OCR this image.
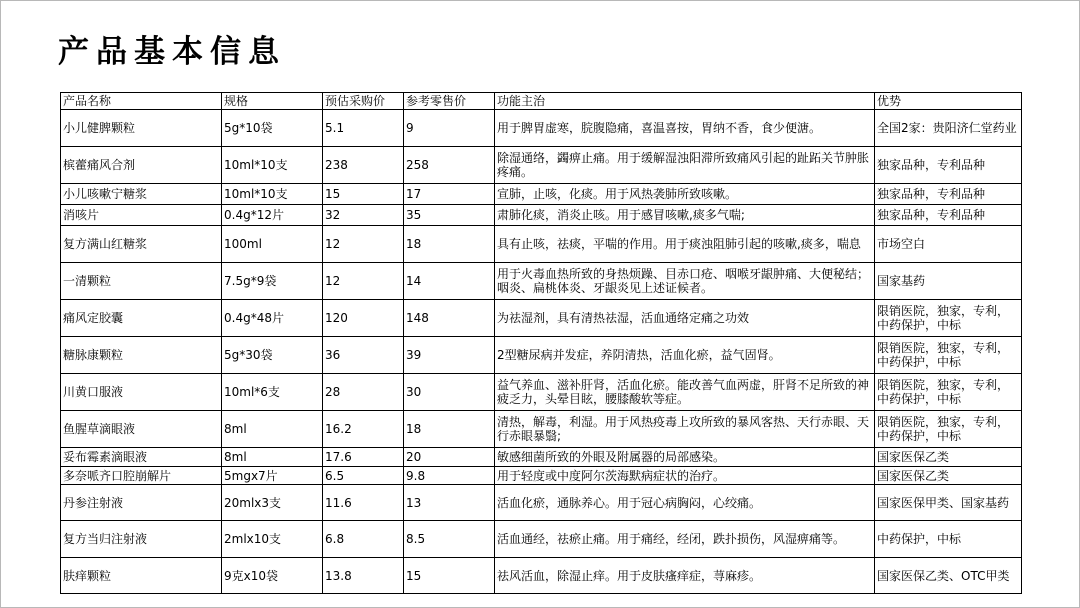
产品基本信息
产品名称	规格	预估采购价	参考零售价	功能主治	优势
小儿健脾颗粒	5g*10袋	5.1	9	用于脾胃虚寒，脘腹隐痛，喜温喜按，胃纳不香，食少便溏。	全国2家：贵阳济仁堂药业
槟藿痛风合剂	10ml*10支	238	258	除湿通络，蠲痹止痛。用于缓解湿浊阳滞所致痛风引起的趾跖关节肿胀疼痛。	独家品种，专利品种
小儿咳嗽宁糖浆	10ml*10支	15	17	宣肺，止咳，化痰。用于风热袭肺所致咳嗽。	独家品种，专利品种
消咳片	0.4g*12片	32	35	肃肺化痰，消炎止咳。用于感冒咳嗽,痰多气喘;	独家品种，专利品种
复方满山红糖浆	100ml	12	18	具有止咳，祛痰，平喘的作用。用于痰浊阻肺引起的咳嗽,痰多，喘息	市场空白
一清颗粒	7.5g*9袋	12	14	用于火毒血热所致的身热烦躁、目赤口疮、咽喉牙龈肿痛、大便秘结；咽炎、扁桃体炎、牙龈炎见上述证候者。	国家基药
痛风定胶囊	0.4g*48片	120	148	为祛湿剂，具有清热祛湿，活血通络定痛之功效	限销医院，独家，专利，中药保护，中标
糖脉康颗粒	5g*30袋	36	39	2型糖尿病并发症，养阴清热，活血化瘀，益气固肾。	限销医院，独家，专利，中药保护，中标
川黄口服液	10ml*6支	28	30	益气养血、滋补肝肾，活血化瘀。能改善气血两虚，肝肾不足所致的神疲乏力，头晕目眩，腰膝酸软等症。	限销医院，独家，专利，中药保护，中标
鱼腥草滴眼液	8ml	16.2	18	清热，解毒，利湿。用于风热疫毒上攻所致的暴风客热、天行赤眼、天行赤眼暴翳;	限销医院，独家，专利，中药保护，中标
妥布霉素滴眼液	8ml	17.6	20	敏感细菌所致的外眼及附属器的局部感染。	国家医保乙类
多奈哌齐口腔崩解片	5mgx7片	6.5	9.8	用于轻度或中度阿尔茨海默病症状的治疗。	国家医保乙类
丹参注射液	20mlx3支	11.6	13	活血化瘀，通脉养心。用于冠心病胸闷，心绞痛。	国家医保甲类、国家基药
复方当归注射液	2mlx10支	6.8	8.5	活血通经，祛瘀止痛。用于痛经，经闭，跌扑损伤，风湿痹痛等。	中药保护，中标
肤痒颗粒	9克x10袋	13.8	15	祛风活血，除湿止痒。用于皮肤瘙痒症，荨麻疹。	国家医保乙类、OTC甲类
